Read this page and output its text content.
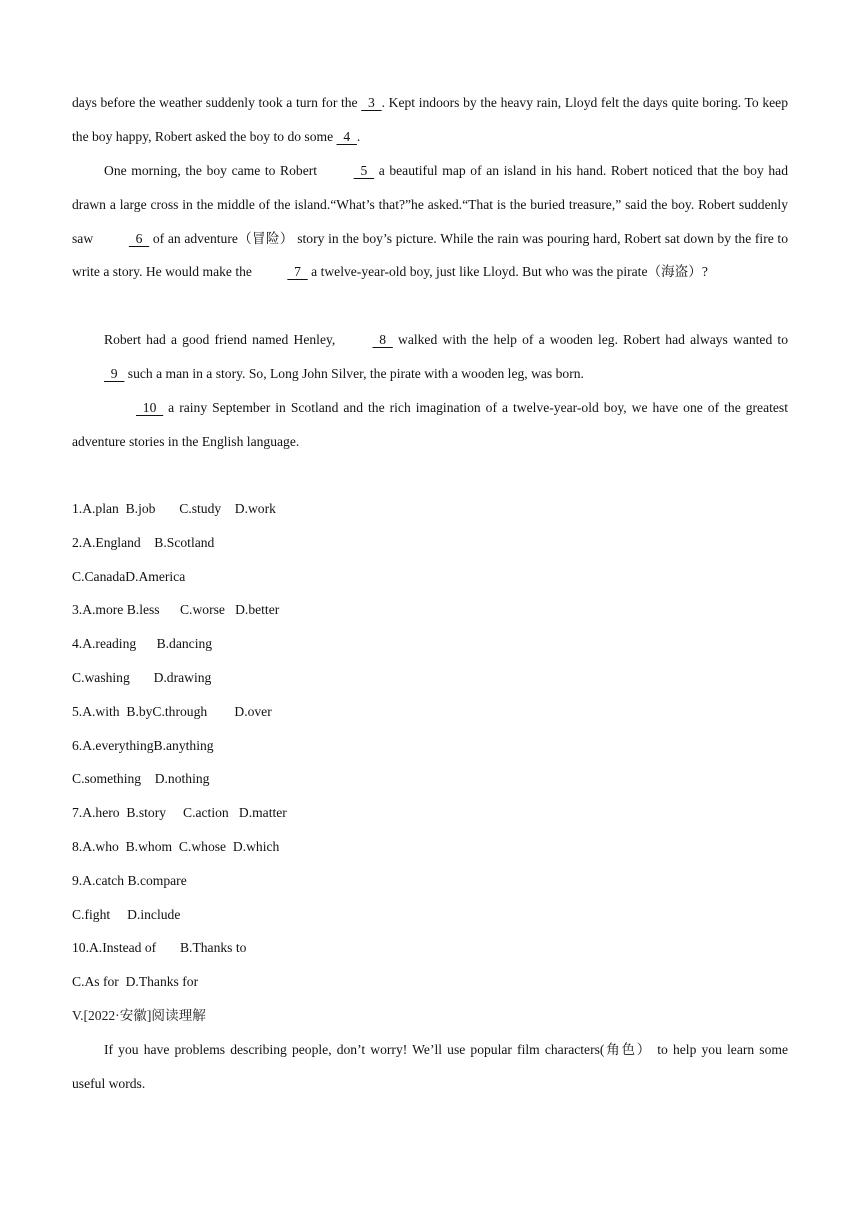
days before the weather suddenly took a turn for the   3  . Kept indoors by the heavy rain, Lloyd felt the days quite boring. To keep the boy happy, Robert asked the boy to do some   4  .

One morning, the boy came to Robert   5   a beautiful map of an island in his hand. Robert noticed that the boy had drawn a large cross in the middle of the island.“What’s that?”he asked.“That is the buried treasure,” said the boy. Robert suddenly saw   6   of an adventure（冒险） story in the boy’s picture. While the rain was pouring hard, Robert sat down by the fire to write a story. He would make the   7   a twelve-year-old boy, just like Lloyd. But who was the pirate（海盗）?

Robert had a good friend named Henley,   8   walked with the help of a wooden leg. Robert had always wanted to   9   such a man in a story. So, Long John Silver, the pirate with a wooden leg, was born.

10   a rainy September in Scotland and the rich imagination of a twelve-year-old boy, we have one of the greatest adventure stories in the English language.

1.A.plan  B.job       C.study    D.work

2.A.England    B.Scotland

C.CanadaD.America

3.A.more B.less      C.worse   D.better

4.A.reading      B.dancing

C.washing       D.drawing

5.A.with  B.byC.through        D.over

6.A.everythingB.anything

C.something    D.nothing

7.A.hero  B.story     C.action   D.matter

8.A.who  B.whom  C.whose  D.which

9.A.catch B.compare

C.fight     D.include

10.A.Instead of       B.Thanks to

C.As for  D.Thanks for

V.[2022·安徽]阅读理解

If you have problems describing people, don’t worry! We’ll use popular film characters(角色） to help you learn some useful words.
